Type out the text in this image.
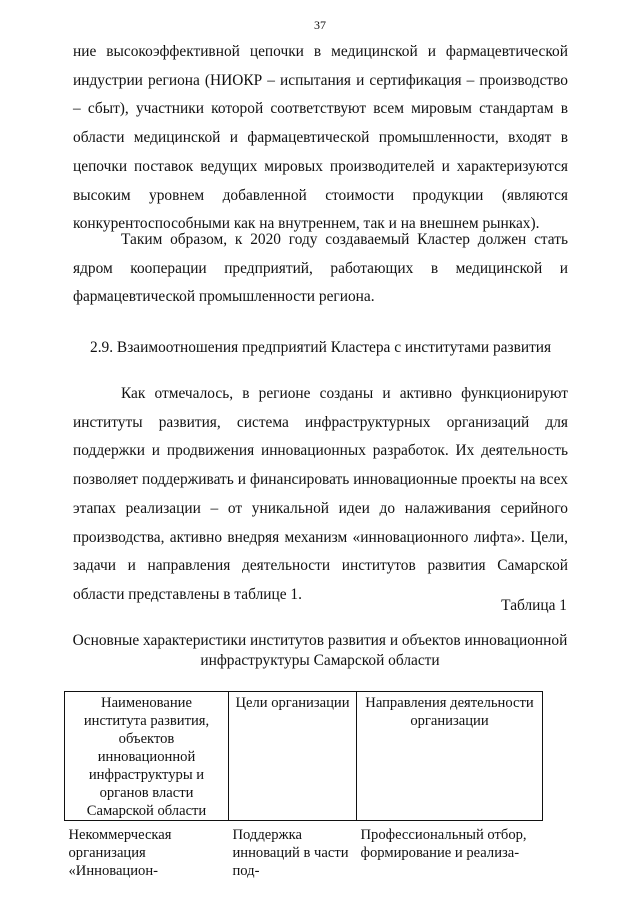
37

ние высокоэффективной цепочки в медицинской и фармацевтической индустрии региона (НИОКР – испытания и сертификация – производство – сбыт), участники которой соответствуют всем мировым стандартам в области медицинской и фармацевтической промышленности, входят в цепочки поставок ведущих мировых производителей и характеризуются высоким уровнем добавленной стоимости продукции (являются конкурентоспособными как на внутреннем, так и на внешнем рынках).

Таким образом, к 2020 году создаваемый Кластер должен стать ядром кооперации предприятий, работающих в медицинской и фармацевтической промышленности региона.

2.9. Взаимоотношения предприятий Кластера с институтами развития

Как отмечалось, в регионе созданы и активно функционируют институты развития, система инфраструктурных организаций для поддержки и продвижения инновационных разработок. Их деятельность позволяет поддерживать и финансировать инновационные проекты на всех этапах реализации – от уникальной идеи до налаживания серийного производства, активно внедряя механизм «инновационного лифта». Цели, задачи и направления деятельности институтов развития Самарской области представлены в таблице 1.

Таблица 1
Основные характеристики институтов развития и объектов инновационной
инфраструктуры Самарской области
Наименование института развития, объектов инновационной инфраструктуры и органов власти Самарской области	Цели организации	Направления деятельности организации
Некоммерческая организация «Инновацион-	Поддержка инноваций в части под-	Профессиональный отбор, формирование и реализа-
